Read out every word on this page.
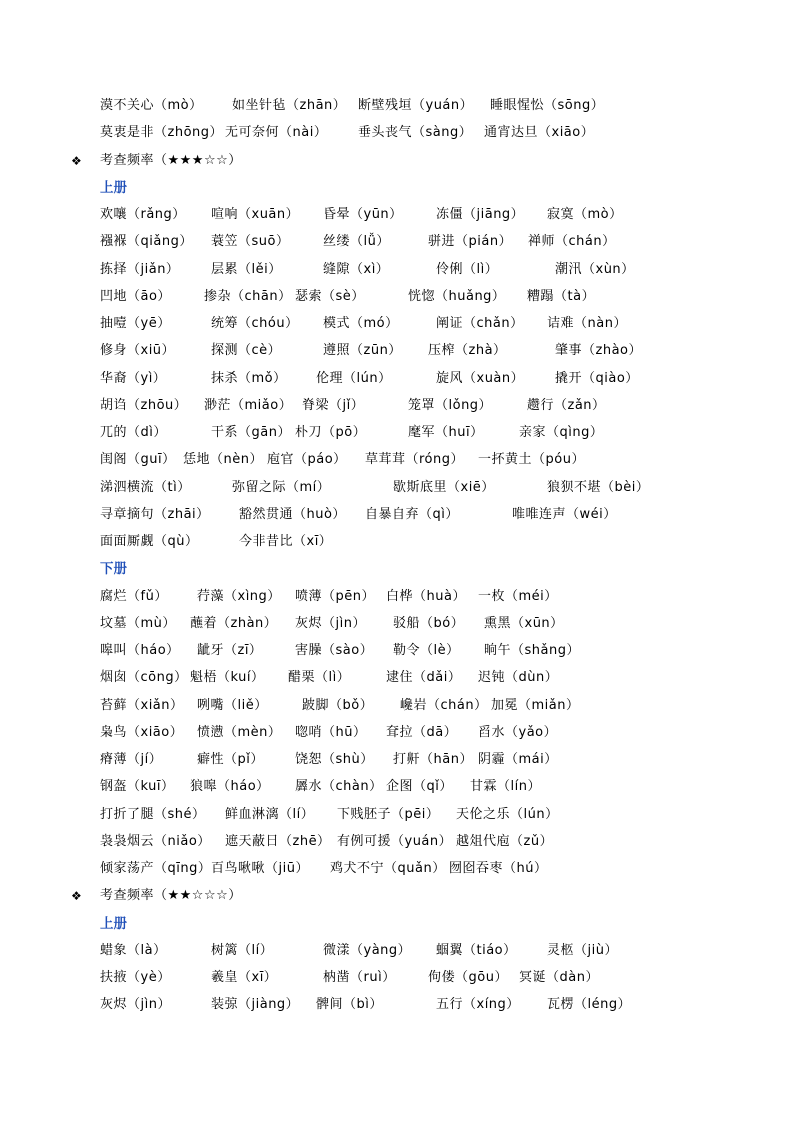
漠不关心（mò） 如坐针毡（zhān） 断壁残垣（yuán） 睡眼惺忪（sōng）
莫衷是非（zhōng） 无可奈何（nài） 垂头丧气（sàng） 通宵达旦（xiāo）
❖ 考查频率（★★★☆☆）
上册
欢嚷（rǎng） 喧响（xuān） 昏晕（yūn）	冻僵（jiāng） 寂寞（mò）
襁褓（qiǎng） 蓑笠（suō）	丝缕（lǚ）	骈进（pián） 禅师（chán）
拣择（jiǎn） 层累（lěi）	缝隙（xì）	伶俐（lì）	潮汛（xùn）
凹地（āo）	掺杂（chān） 瑟索（sè）	恍惚（huǎng） 糟蹋（tà）
抽噎（yē）	统筹（chóu） 模式（mó）	阐证（chǎn） 诘难（nàn）
修身（xiū）	探测（cè）	遵照（zūn） 压榨（zhà）	肇事（zhào）
华裔（yì）	抹杀（mǒ） 伦理（lún）	旋风（xuàn） 撬开（qiào）
胡诌（zhōu） 渺茫（miǎo） 脊梁（jǐ）	笼罩（lǒng）	趱行（zǎn）
兀的（dì）	干系（gān） 朴刀（pō）	麾军（huī）	亲家（qìng）
闺阁（guī） 恁地（nèn） 庖官（páo） 草茸茸（róng） 一抔黄土（póu）
涕泗横流（tì）	弥留之际（mí）	歇斯底里（xiē）	狼狈不堪（bèi）
寻章摘句（zhāi） 豁然贯通（huò） 自暴自弃（qì）	唯唯连声（wéi）
面面厮觑（qù）	今非昔比（xī）
下册
腐烂（fǔ） 荇藻（xìng） 喷薄（pēn） 白桦（huà） 一枚（méi）
坟墓（mù） 蘸着（zhàn） 灰烬（jìn） 驳船（bó） 熏黑（xūn）
嗥叫（háo） 龇牙（zī）	害臊（sào） 勒令（lè） 晌午（shǎng）
烟囱（cōng） 魁梧（kuí） 醋栗（lì）	逮住（dǎi） 迟钝（dùn）
苔藓（xiǎn） 咧嘴（liě）	跛脚（bǒ） 巉岩（chán） 加冕（miǎn）
枭鸟（xiāo） 愤懑（mèn） 唿哨（hū） 耷拉（dā） 舀水（yǎo）
瘠薄（jí）	癖性（pǐ） 饶恕（shù） 打鼾（hān） 阴霾（mái）
钢盔（kuī） 狼嗥（háo） 羼水（chàn） 企图（qǐ） 甘霖（lín）
打折了腿（shé） 鲜血淋漓（lí） 下贱胚子（pēi） 天伦之乐（lún）
袅袅烟云（niǎo） 遮天蔽日（zhē） 有例可援（yuán） 越俎代庖（zǔ）
倾家荡产（qīng） 百鸟啾啾（jiū） 鸡犬不宁（quǎn） 囫囵吞枣（hú）
❖ 考查频率（★★☆☆☆）
上册
蜡象（là）	树篱（lí）	微漾（yàng） 蝈翼（tiáo） 灵柩（jiù）
扶掖（yè）	羲皇（xī）	枘凿（ruì） 佝偻（gōu） 冥诞（dàn）
灰烬（jìn）	装弶（jiàng） 髀间（bì）	五行（xíng） 瓦楞（léng）
